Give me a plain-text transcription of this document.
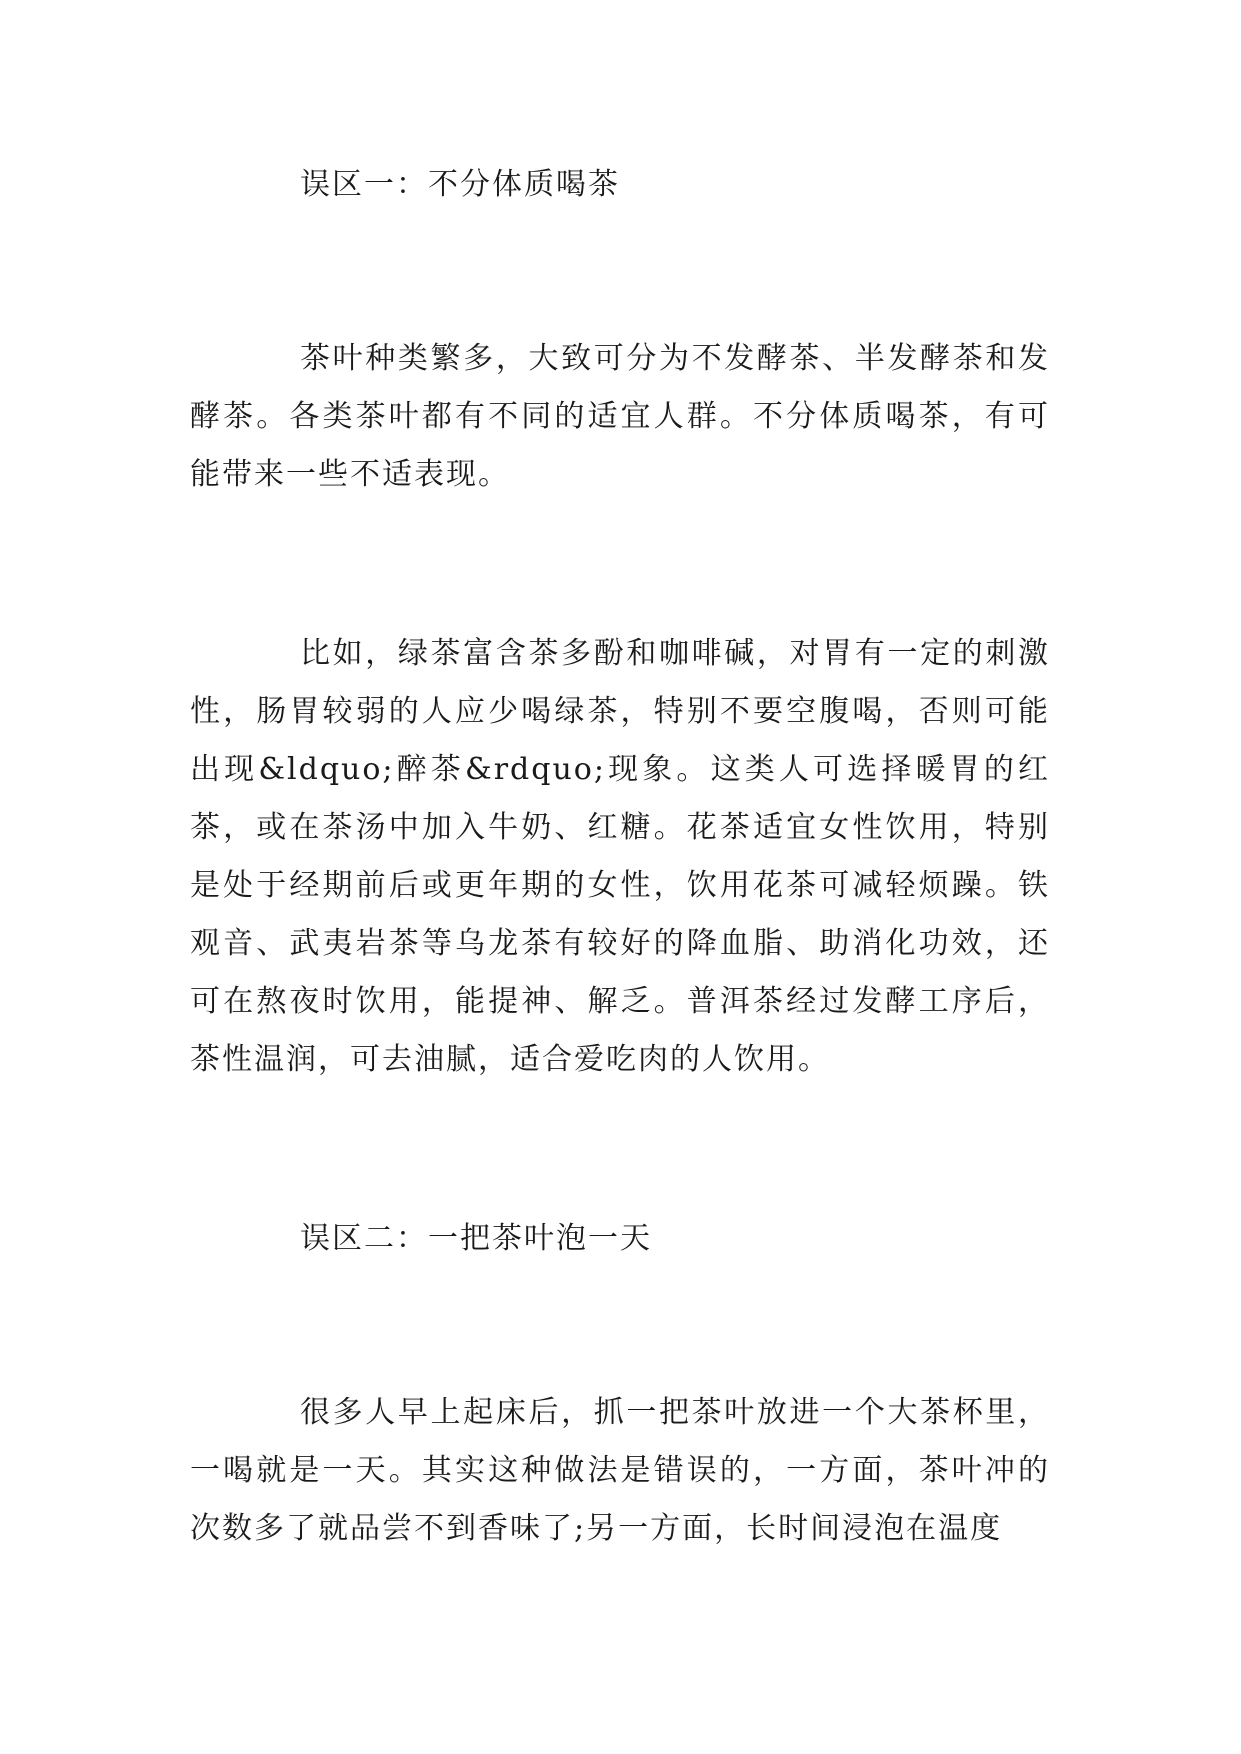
误区一：不分体质喝茶

茶叶种类繁多，大致可分为不发酵茶、半发酵茶和发酵茶。各类茶叶都有不同的适宜人群。不分体质喝茶，有可能带来一些不适表现。

比如，绿茶富含茶多酚和咖啡碱，对胃有一定的刺激性，肠胃较弱的人应少喝绿茶，特别不要空腹喝，否则可能出现&ldquo;醉茶&rdquo;现象。这类人可选择暖胃的红茶，或在茶汤中加入牛奶、红糖。花茶适宜女性饮用，特别是处于经期前后或更年期的女性，饮用花茶可减轻烦躁。铁观音、武夷岩茶等乌龙茶有较好的降血脂、助消化功效，还可在熬夜时饮用，能提神、解乏。普洱茶经过发酵工序后，茶性温润，可去油腻，适合爱吃肉的人饮用。

误区二：一把茶叶泡一天

很多人早上起床后，抓一把茶叶放进一个大茶杯里，一喝就是一天。其实这种做法是错误的，一方面，茶叶冲的次数多了就品尝不到香味了;另一方面，长时间浸泡在温度
